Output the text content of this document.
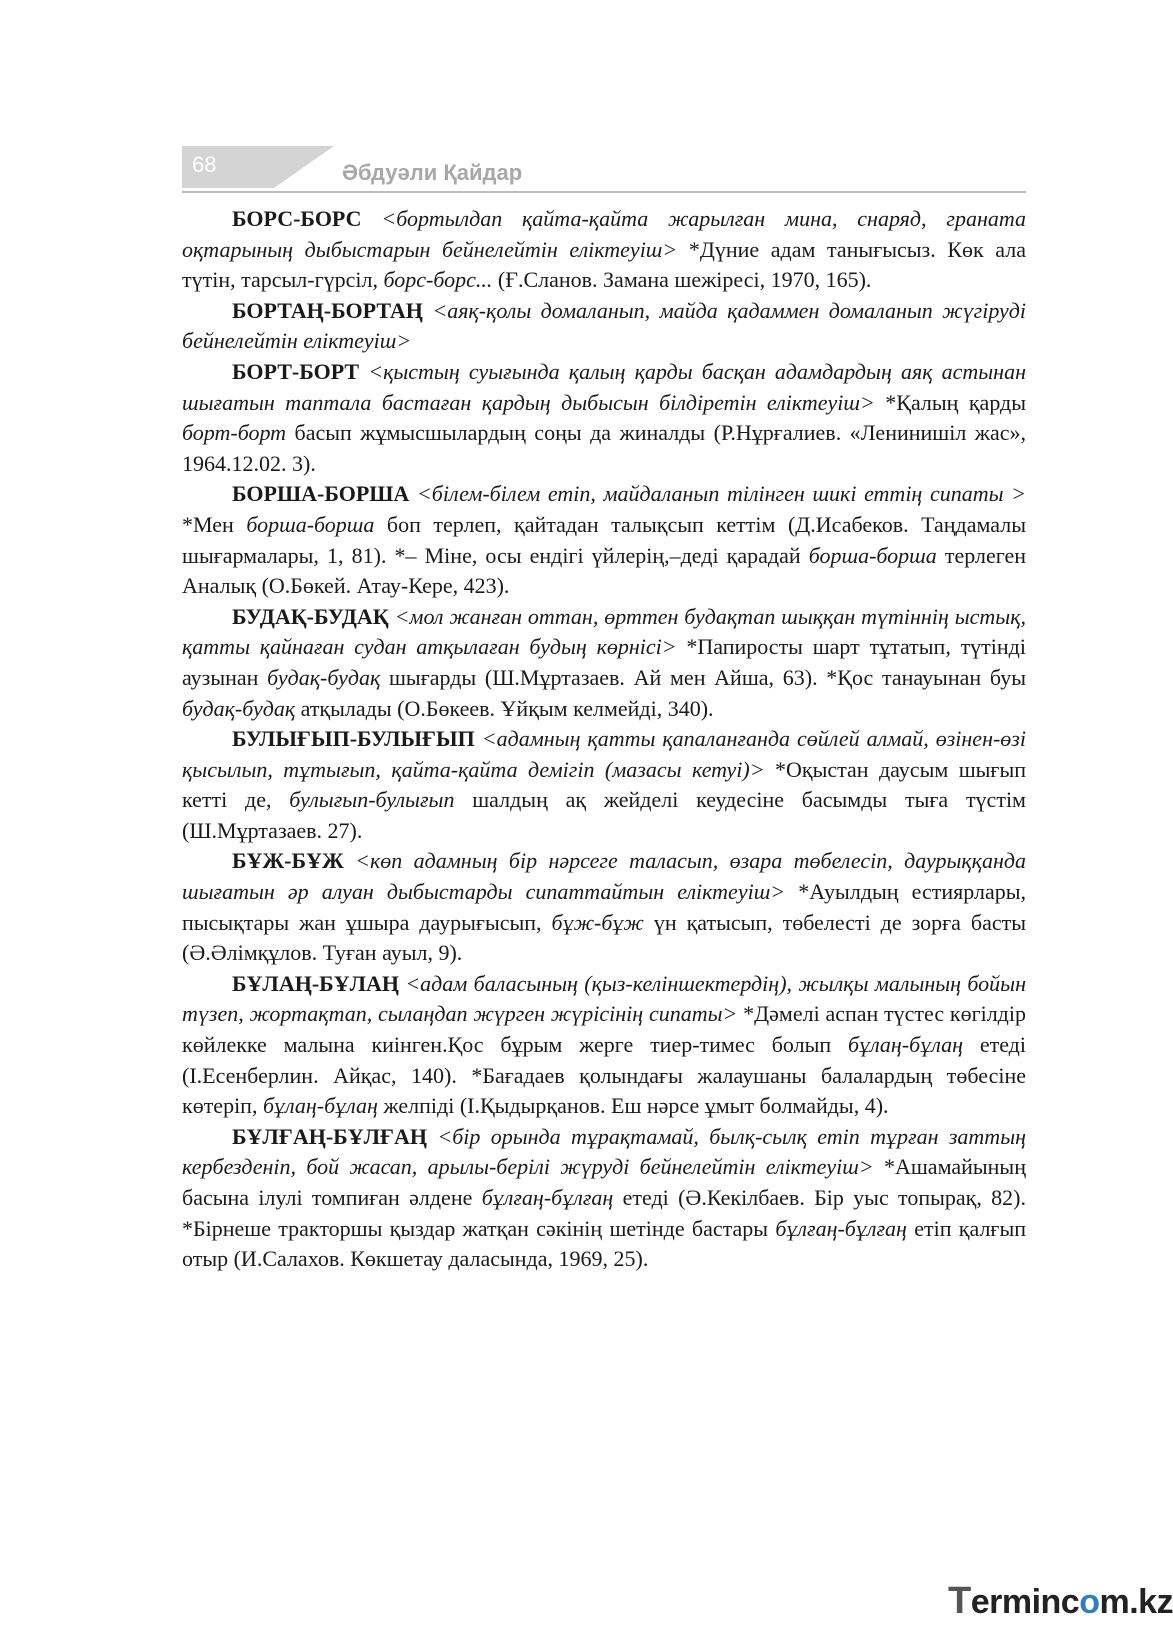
68	Әбдуәли Қайдар

БОРС-БОРС <бортылдап қайта-қайта жарылған мина, снаряд, граната оқтарының дыбыстарын бейнелейтін еліктеуіш> *Дүние адам танығысыз. Көк ала түтін, тарсыл-гүрсіл, борс-борс... (Ғ.Сланов. Замана шежіресі, 1970, 165).

БОРТАҢ-БОРТАҢ <аяқ-қолы домаланып, майда қадаммен домаланып жүгіруді бейнелейтін еліктеуіш>

БОРТ-БОРТ <қыстың суығында қалың қарды басқан адамдардың аяқ астынан шығатын таптала бастаған қардың дыбысын білдіретін еліктеуіш> *Қалың қарды борт-борт басып жұмысшылардың соңы да жиналды (Р.Нұрғалиев. «Ленинишіл жас», 1964.12.02. 3).

БОРША-БОРША <білем-білем етіп, майдаланып тілінген шикі еттің сипаты > *Мен борша-борша боп терлеп, қайтадан талықсып кеттім (Д.Исабеков. Таңдамалы шығармалары, 1, 81). *– Міне, осы ендігі үйлерің,–деді қарадай борша-борша терлеген Аналық (О.Бөкей. Атау-Кере, 423).

БУДАҚ-БУДАҚ <мол жанған оттан, өрттен будақтап шыққан түтіннің ыстық, қатты қайнаған судан атқылаған будың көрнісі> *Папиросты шарт тұтатып, түтінді аузынан будақ-будақ шығарды (Ш.Мұртазаев. Ай мен Айша, 63). *Қос танауынан буы будақ-будақ атқылады (О.Бөкеев. Ұйқым келмейді, 340).

БУЛЫҒЫП-БУЛЫҒЫП <адамның қатты қапаланғанда сөйлей алмай, өзінен-өзі қысылып, тұтығып, қайта-қайта демігіп (мазасы кетуі)> *Оқыстан даусым шығып кетті де, булығып-булығып шалдың ақ жейделі кеудесіне басымды тыға түстім (Ш.Мұртазаев. 27).

БҰЖ-БҰЖ <көп адамның бір нәрсеге таласып, өзара төбелесіп, даурыққанда шығатын әр алуан дыбыстарды сипаттайтын еліктеуіш> *Ауылдың естиярлары, пысықтары жан ұшыра даурығысып, бұж-бұж үн қатысып, төбелесті де зорға басты (Ә.Әлімқұлов. Туған ауыл, 9).

БҰЛАҢ-БҰЛАҢ <адам баласының (қыз-келіншектердің), жылқы малының бойын түзеп, жортақтап, сылаңдап жүрген жүрісінің сипаты> *Дәмелі аспан түстес көгілдір көйлекке малына киінген.Қос бұрым жерге тиер-тимес болып бұлаң-бұлаң етеді (І.Есенберлин. Айқас, 140). *Бағадаев қолындағы жалаушаны балалардың төбесіне көтеріп, бұлаң-бұлаң желпіді (І.Қыдырқанов. Еш нәрсе ұмыт болмайды, 4).

БҰЛҒАҢ-БҰЛҒАҢ <бір орында тұрақтамай, былқ-сылқ етіп тұрған заттың кербезденіп, бой жасап, арылы-берілі жүруді бейнелейтін еліктеуіш> *Ашамайының басына ілулі томпиған әлдене бұлғаң-бұлғаң етеді (Ә.Кекілбаев. Бір уыс топырақ, 82). *Бірнеше тракторшы қыздар жатқан сәкінің шетінде бастары бұлғаң-бұлғаң етіп қалғып отыр (И.Салахов. Көкшетау даласында, 1969, 25).

Termincom.kz
